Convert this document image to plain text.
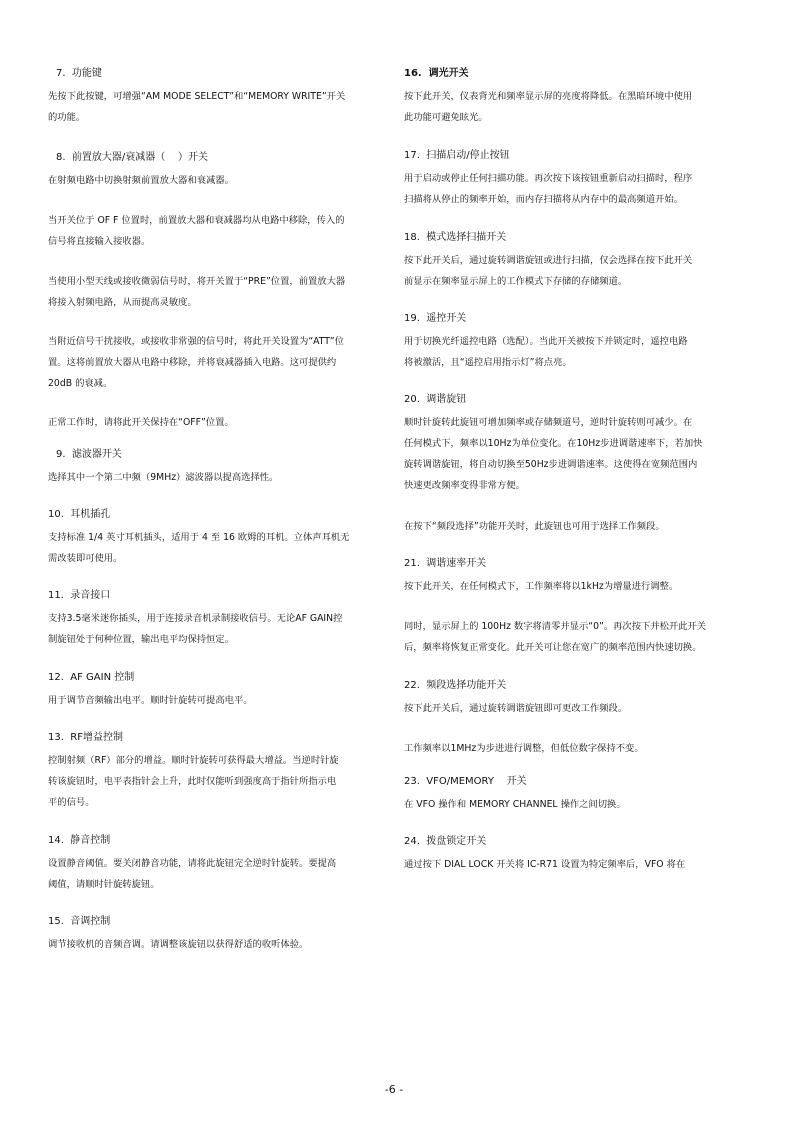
7.  功能键
先按下此按键，可增强“AM MODE SELECT”和“MEMORY WRITE”开关
的功能。
8.  前置放大器/衰减器（    ）开关
在射频电路中切换射频前置放大器和衰减器。
当开关位于 OF F 位置时，前置放大器和衰减器均从电路中移除，传入的
信号将直接输入接收器。
当使用小型天线或接收微弱信号时，将开关置于“PRE”位置，前置放大器
将接入射频电路，从而提高灵敏度。
当附近信号干扰接收，或接收非常强的信号时，将此开关设置为“ATT”位
置。这将前置放大器从电路中移除，并将衰减器插入电路。这可提供约
20dB 的衰减。
正常工作时，请将此开关保持在“OFF”位置。
9.  滤波器开关
选择其中一个第二中频（9MHz）滤波器以提高选择性。
10.  耳机插孔
支持标准 1/4 英寸耳机插头，适用于 4 至 16 欧姆的耳机。立体声耳机无
需改装即可使用。
11.  录音接口
支持3.5毫米迷你插头，用于连接录音机录制接收信号。无论AF GAIN控
制旋钮处于何种位置，输出电平均保持恒定。
12.  AF GAIN 控制
用于调节音频输出电平。顺时针旋转可提高电平。
13.  RF增益控制
控制射频（RF）部分的增益。顺时针旋转可获得最大增益。当逆时针旋
转该旋钮时，电平表指针会上升，此时仅能听到强度高于指针所指示电
平的信号。
14.  静音控制
设置静音阈值。要关闭静音功能，请将此旋钮完全逆时针旋转。要提高
阈值，请顺时针旋转旋钮。
15.  音调控制
调节接收机的音频音调。请调整该旋钮以获得舒适的收听体验。
16.  调光开关
按下此开关，仪表背光和频率显示屏的亮度将降低。在黑暗环境中使用
此功能可避免眩光。
17.  扫描启动/停止按钮
用于启动或停止任何扫描功能。再次按下该按钮重新启动扫描时，程序
扫描将从停止的频率开始，而内存扫描将从内存中的最高频道开始。
18.  模式选择扫描开关
按下此开关后，通过旋转调谐旋钮或进行扫描，仅会选择在按下此开关
前显示在频率显示屏上的工作模式下存储的存储频道。
19.  遥控开关
用于切换光纤遥控电路（选配）。当此开关被按下并锁定时，遥控电路
将被激活，且“遥控启用指示灯”将点亮。
20.  调谐旋钮
顺时针旋转此旋钮可增加频率或存储频道号，逆时针旋转则可减少。在
任何模式下，频率以10Hz为单位变化。在10Hz步进调谐速率下，若加快
旋转调谐旋钮，将自动切换至50Hz步进调谐速率。这使得在宽频范围内
快速更改频率变得非常方便。
在按下“频段选择”功能开关时，此旋钮也可用于选择工作频段。
21.  调谐速率开关
按下此开关，在任何模式下，工作频率将以1kHz为增量进行调整。
同时，显示屏上的 100Hz 数字将清零并显示“0”。再次按下并松开此开关
后，频率将恢复正常变化。此开关可让您在宽广的频率范围内快速切换。
22.  频段选择功能开关
按下此开关后，通过旋转调谐旋钮即可更改工作频段。
工作频率以1MHz为步进进行调整，但低位数字保持不变。
23.  VFO/MEMORY    开关
在 VFO 操作和 MEMORY CHANNEL 操作之间切换。
24.  拨盘锁定开关
通过按下 DIAL LOCK 开关将 IC-R71 设置为特定频率后，VFO 将在
-6 -
